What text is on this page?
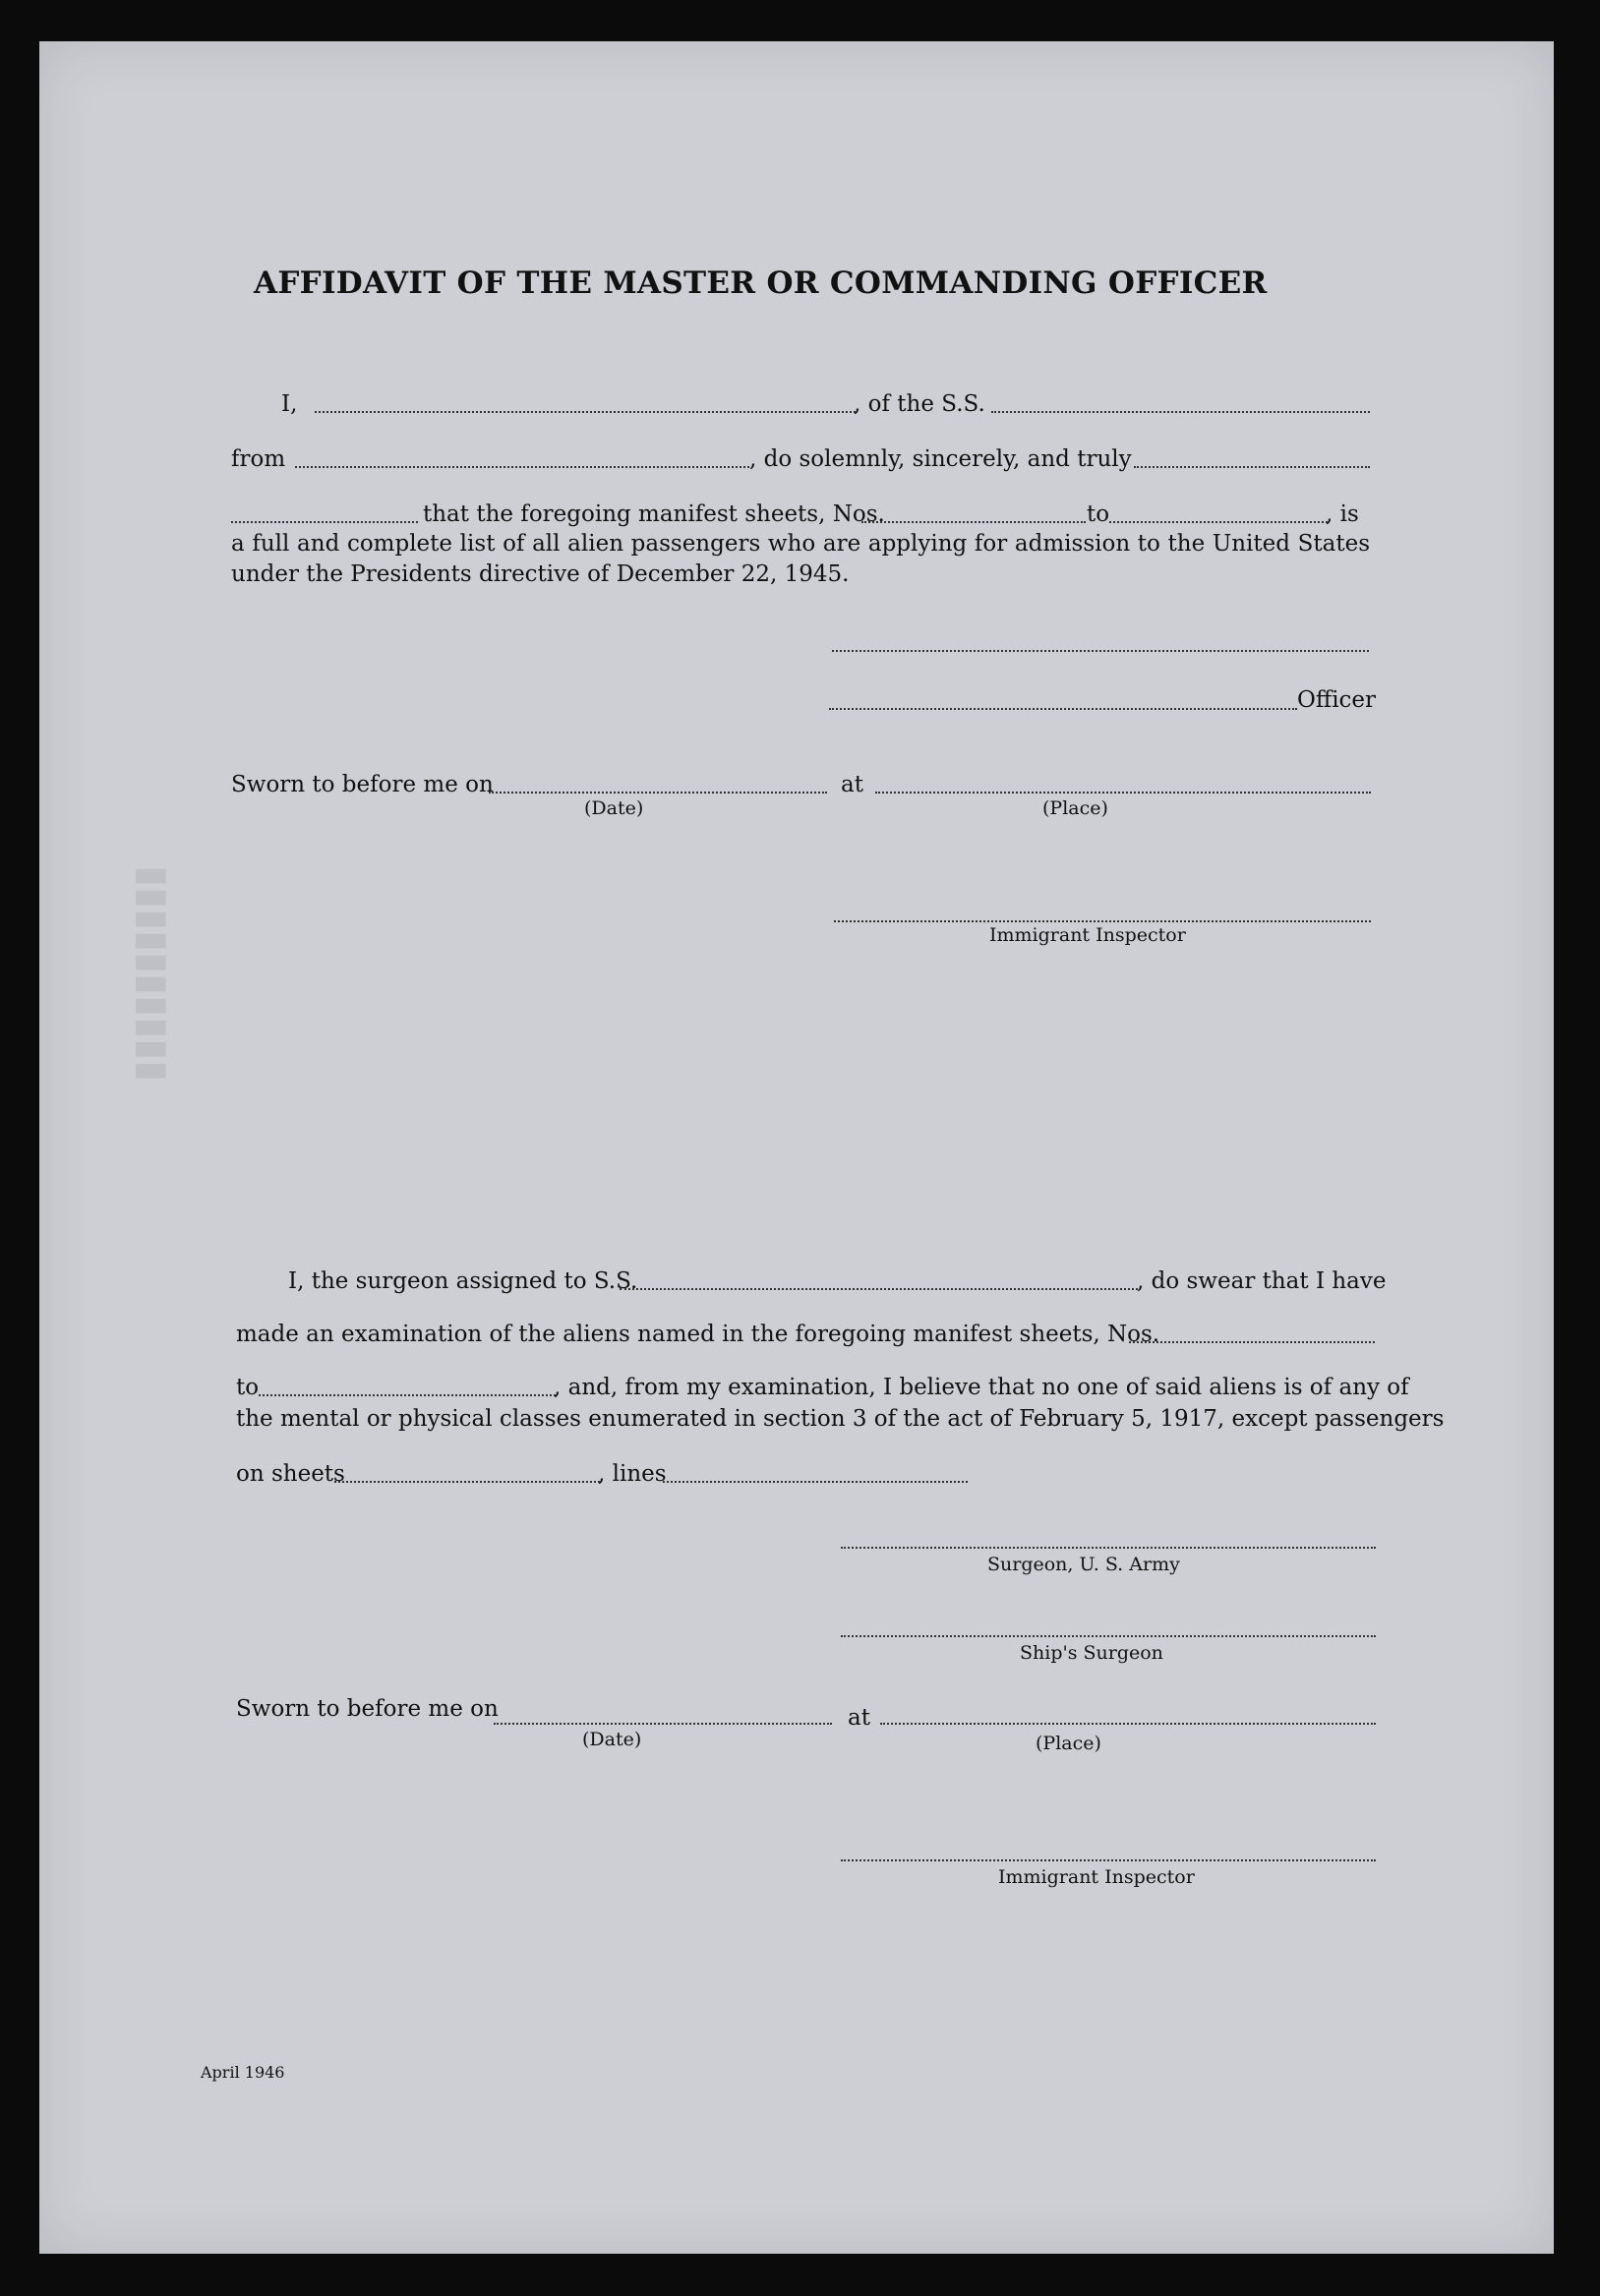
▮▮▮▮▮▮▮▮▮▮
AFFIDAVIT OF THE MASTER OR COMMANDING OFFICER
I,	, of the S.S.
from	, do solemnly, sincerely, and truly
that the foregoing manifest sheets, Nos.	to	, is
a full and complete list of all alien passengers who are applying for admission to the United States under the Presidents directive of December 22, 1945.
Officer
Sworn to before me on	at
(Date)	(Place)
Immigrant Inspector
I, the surgeon assigned to S.S.	, do swear that I have
made an examination of the aliens named in the foregoing manifest sheets, Nos.
to	, and, from my examination, I believe that no one of said aliens is of any of
the mental or physical classes enumerated in section 3 of the act of February 5, 1917, except passengers
on sheets	, lines
Surgeon, U. S. Army
Ship's Surgeon
Sworn to before me on	at
(Date)	(Place)
Immigrant Inspector
April 1946
